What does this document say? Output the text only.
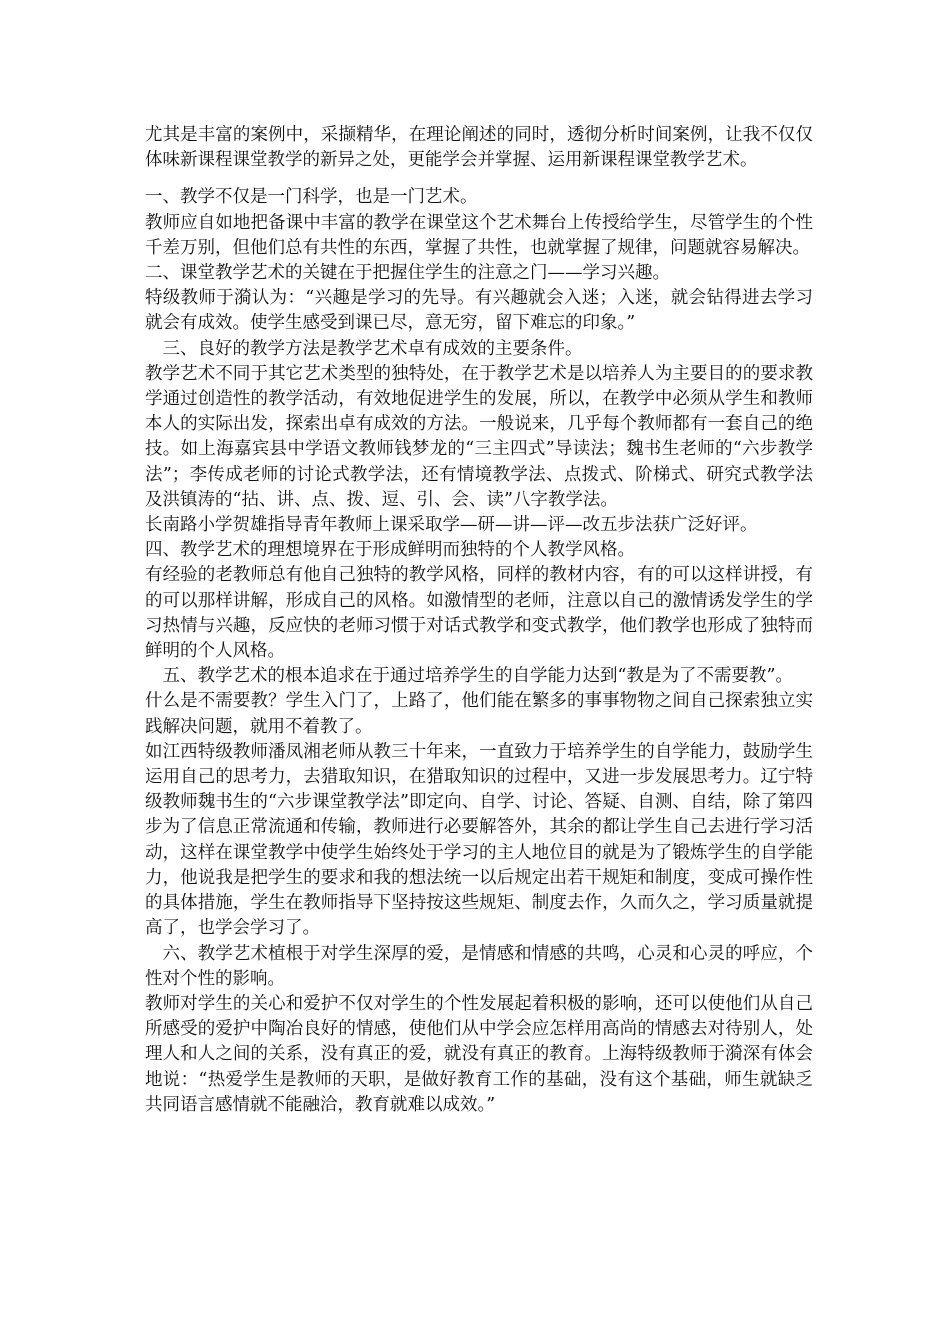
尤其是丰富的案例中，采撷精华，在理论阐述的同时，透彻分析时间案例，让我不仅仅体味新课程课堂教学的新异之处，更能学会并掌握、运用新课程课堂教学艺术。

一、教学不仅是一门科学，也是一门艺术。

教师应自如地把备课中丰富的教学在课堂这个艺术舞台上传授给学生，尽管学生的个性千差万别，但他们总有共性的东西，掌握了共性，也就掌握了规律，问题就容易解决。

二、课堂教学艺术的关键在于把握住学生的注意之门——学习兴趣。

特级教师于漪认为：“兴趣是学习的先导。有兴趣就会入迷；入迷，就会钻得进去学习就会有成效。使学生感受到课已尽，意无穷，留下难忘的印象。”

三、良好的教学方法是教学艺术卓有成效的主要条件。

教学艺术不同于其它艺术类型的独特处，在于教学艺术是以培养人为主要目的的要求教学通过创造性的教学活动，有效地促进学生的发展，所以，在教学中必须从学生和教师本人的实际出发，探索出卓有成效的方法。一般说来，几乎每个教师都有一套自己的绝技。如上海嘉宾县中学语文教师钱梦龙的“三主四式”导读法；魏书生老师的“六步教学法”；李传成老师的讨论式教学法，还有情境教学法、点拨式、阶梯式、研究式教学法及洪镇涛的“拈、讲、点、拨、逗、引、会、读”八字教学法。

长南路小学贺雄指导青年教师上课采取学—研—讲—评—改五步法获广泛好评。

四、教学艺术的理想境界在于形成鲜明而独特的个人教学风格。

有经验的老教师总有他自己独特的教学风格，同样的教材内容，有的可以这样讲授，有的可以那样讲解，形成自己的风格。如激情型的老师，注意以自己的激情诱发学生的学习热情与兴趣，反应快的老师习惯于对话式教学和变式教学，他们教学也形成了独特而鲜明的个人风格。

五、教学艺术的根本追求在于通过培养学生的自学能力达到“教是为了不需要教”。

什么是不需要教？学生入门了，上路了，他们能在繁多的事事物物之间自己探索独立实践解决问题，就用不着教了。

如江西特级教师潘凤湘老师从教三十年来，一直致力于培养学生的自学能力，鼓励学生运用自己的思考力，去猎取知识，在猎取知识的过程中，又进一步发展思考力。辽宁特级教师魏书生的“六步课堂教学法”即定向、自学、讨论、答疑、自测、自结，除了第四步为了信息正常流通和传输，教师进行必要解答外，其余的都让学生自己去进行学习活动，这样在课堂教学中使学生始终处于学习的主人地位目的就是为了锻炼学生的自学能力，他说我是把学生的要求和我的想法统一以后规定出若干规矩和制度，变成可操作性的具体措施，学生在教师指导下坚持按这些规矩、制度去作，久而久之，学习质量就提高了，也学会学习了。

六、教学艺术植根于对学生深厚的爱，是情感和情感的共鸣，心灵和心灵的呼应，个性对个性的影响。

教师对学生的关心和爱护不仅对学生的个性发展起着积极的影响，还可以使他们从自己所感受的爱护中陶冶良好的情感，使他们从中学会应怎样用高尚的情感去对待别人，处理人和人之间的关系，没有真正的爱，就没有真正的教育。上海特级教师于漪深有体会地说：“热爱学生是教师的天职，是做好教育工作的基础，没有这个基础，师生就缺乏共同语言感情就不能融洽，教育就难以成效。”
